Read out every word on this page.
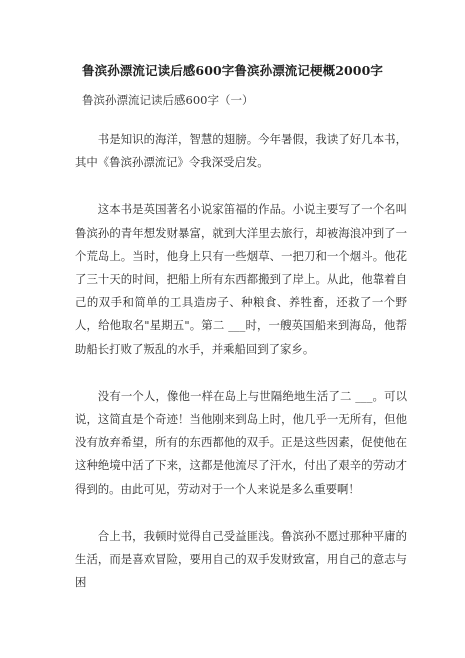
鲁滨孙漂流记读后感600字鲁滨孙漂流记梗概2000字

鲁滨孙漂流记读后感600字（一）

书是知识的海洋，智慧的翅膀。今年暑假，我读了好几本书，其中《鲁滨孙漂流记》令我深受启发。

这本书是英国著名小说家笛福的作品。小说主要写了一个名叫鲁滨孙的青年想发财暴富，就到大洋里去旅行，却被海浪冲到了一个荒岛上。当时，他身上只有一些烟草、一把刀和一个烟斗。他花了三十天的时间，把船上所有东西都搬到了岸上。从此，他靠着自己的双手和简单的工具造房子、种粮食、养牲畜，还救了一个野人，给他取名"星期五"。第二 ___时，一艘英国船来到海岛，他帮助船长打败了叛乱的水手，并乘船回到了家乡。

没有一个人，像他一样在岛上与世隔绝地生活了二 ___。可以说，这简直是个奇迹！当他刚来到岛上时，他几乎一无所有，但他没有放弃希望，所有的东西都他的双手。正是这些因素，促使他在这种绝境中活了下来，这都是他流尽了汗水，付出了艰辛的劳动才得到的。由此可见，劳动对于一个人来说是多么重要啊！

合上书，我顿时觉得自己受益匪浅。鲁滨孙不愿过那种平庸的生活，而是喜欢冒险，要用自己的双手发财致富，用自己的意志与困
